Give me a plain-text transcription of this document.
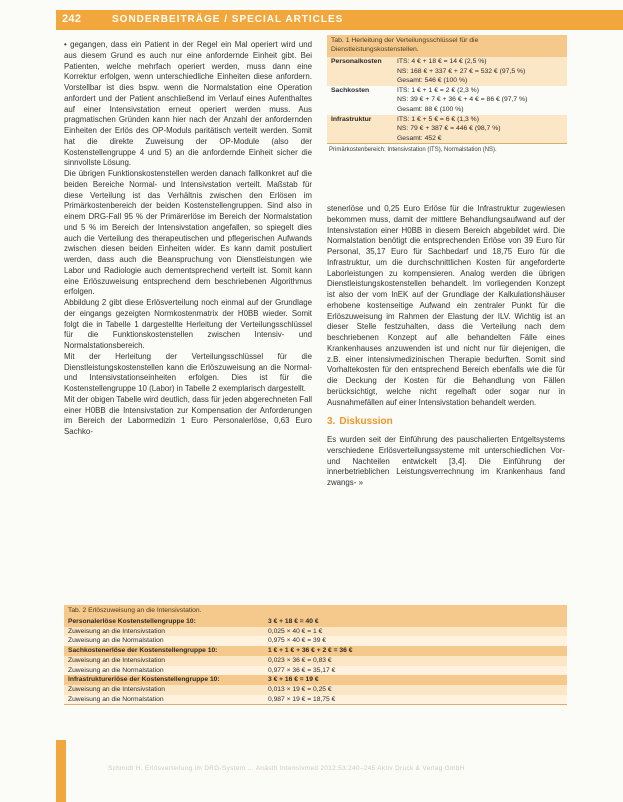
242	SONDERBEITRÄGE / SPECIAL ARTICLES

• gegangen, dass ein Patient in der Regel ein Mal operiert wird und aus diesem Grund es auch nur eine anfordernde Einheit gibt. Bei Patienten, welche mehrfach operiert werden, muss dann eine Korrektur erfolgen, wenn unterschiedliche Einheiten diese anfordern. Vorstellbar ist dies bspw. wenn die Normalstation eine Operation anfordert und der Patient anschließend im Verlauf eines Aufenthaltes auf einer Intensivstation erneut operiert werden muss. Aus pragmatischen Gründen kann hier nach der Anzahl der anfordernden Einheiten der Erlös des OP-Moduls paritätisch verteilt werden. Somit hat die direkte Zuweisung der OP-Module (also der Kostenstellengruppe 4 und 5) an die anfordernde Einheit sicher die sinnvollste Lösung.

Die übrigen Funktionskostenstellen werden danach fallkonkret auf die beiden Bereiche Normal- und Intensivstation verteilt. Maßstab für diese Verteilung ist das Verhältnis zwischen den Erlösen im Primärkostenbereich der beiden Kostenstellengruppen. Sind also in einem DRG-Fall 95 % der Primärerlöse im Bereich der Normalstation und 5 % im Bereich der Intensivstation angefallen, so spiegelt dies auch die Verteilung des therapeutischen und pflegerischen Aufwands zwischen diesen beiden Einheiten wider. Es kann damit postuliert werden, dass auch die Beanspruchung von Dienstleistungen wie Labor und Radiologie auch dementsprechend verteilt ist. Somit kann eine Erlöszuweisung entsprechend dem beschriebenen Algorithmus erfolgen.

Abbildung 2 gibt diese Erlösverteilung noch einmal auf der Grundlage der eingangs gezeigten Normkostenmatrix der H0BB wieder. Somit folgt die in Tabelle 1 dargestellte Herleitung der Verteilungsschlüssel für die Funktionskostenstellen zwischen Intensiv- und Normalstationsbereich.

Mit der Herleitung der Verteilungsschlüssel für die Dienstleistungskostenstellen kann die Erlöszuweisung an die Normal- und Intensivstationseinheiten erfolgen. Dies ist für die Kostenstellengruppe 10 (Labor) in Tabelle 2 exemplarisch dargestellt.

Mit der obigen Tabelle wird deutlich, dass für jeden abgerechneten Fall einer H0BB die Intensivstation zur Kompensation der Anforderungen im Bereich der Labormedizin 1 Euro Personalerlöse, 0,63 Euro Sachko-

Tab. 1 Herleitung der Verteilungsschlüssel für die Dienstleistungskostenstellen.
Personalkosten	ITS: 4 € + 18 € = 14 € (2,5 %)
NS: 168 € + 337 € + 27 € = 532 € (97,5 %)
Gesamt: 546 € (100 %)
Sachkosten	ITS: 1 € + 1 € = 2 € (2,3 %)
NS: 39 € + 7 € + 36 € + 4 € = 86 € (97,7 %)
Gesamt: 88 € (100 %)
Infrastruktur	ITS: 1 € + 5 € = 6 € (1,3 %)
NS: 79 € + 387 € = 446 € (98,7 %)
Gesamt: 452 €
Primärkostenbereich: Intensivstation (ITS), Normalstation (NS).

stenerlöse und 0,25 Euro Erlöse für die Infrastruktur zugewiesen bekommen muss, damit der mittlere Behandlungsaufwand auf der Intensivstation einer H0BB in diesem Bereich abgebildet wird. Die Normalstation benötigt die entsprechenden Erlöse von 39 Euro für Personal, 35,17 Euro für Sachbedarf und 18,75 Euro für die Infrastruktur, um die durchschnittlichen Kosten für angeforderte Laborleistungen zu kompensieren. Analog werden die übrigen Dienstleistungskostenstellen behandelt. Im vorliegenden Konzept ist also der vom InEK auf der Grundlage der Kalkulationshäuser erhobene kostenseitige Aufwand ein zentraler Punkt für die Erlöszuweisung im Rahmen der Elastung der ILV. Wichtig ist an dieser Stelle festzuhalten, dass die Verteilung nach dem beschriebenen Konzept auf alle behandelten Fälle eines Krankenhauses anzuwenden ist und nicht nur für diejenigen, die z.B. einer intensivmedizinischen Therapie bedurften. Somit sind Vorhaltekosten für den entsprechend Bereich ebenfalls wie die für die Deckung der Kosten für die Behandlung von Fällen berücksichtigt, welche nicht regelhaft oder sogar nur in Ausnahmefällen auf einer Intensivstation behandelt werden.

3. Diskussion

Es wurden seit der Einführung des pauschalierten Entgeltsystems verschiedene Erlösverteilungssysteme mit unterschiedlichen Vor- und Nachteilen entwickelt [3,4]. Die Einführung der innerbetrieblichen Leistungsverrechnung im Krankenhaus fand zwangs- »

Tab. 2 Erlöszuweisung an die Intensivstation.
Personalerlöse Kostenstellengruppe 10:	3 € + 18 € = 40 €
Zuweisung an die Intensivstation	0,025 × 40 € = 1 €
Zuweisung an die Normalstation	0,975 × 40 € = 39 €
Sachkostenerlöse der Kostenstellengruppe 10:	1 € + 1 € + 36 € + 2 € = 36 €
Zuweisung an die Intensivstation	0,023 × 36 € = 0,83 €
Zuweisung an die Normalstation	0,977 × 36 € = 35,17 €
Infrastrukturerlöse der Kostenstellengruppe 10:	3 € + 16 € = 19 €
Zuweisung an die Intensivstation	0,013 × 19 € = 0,25 €
Zuweisung an die Normalstation	0,987 × 19 € = 18,75 €
Schmidt H. Erlösverteilung im DRG-System ... Anästh Intensivmed 2012;53:240–245 Aktiv Druck & Verlag GmbH
